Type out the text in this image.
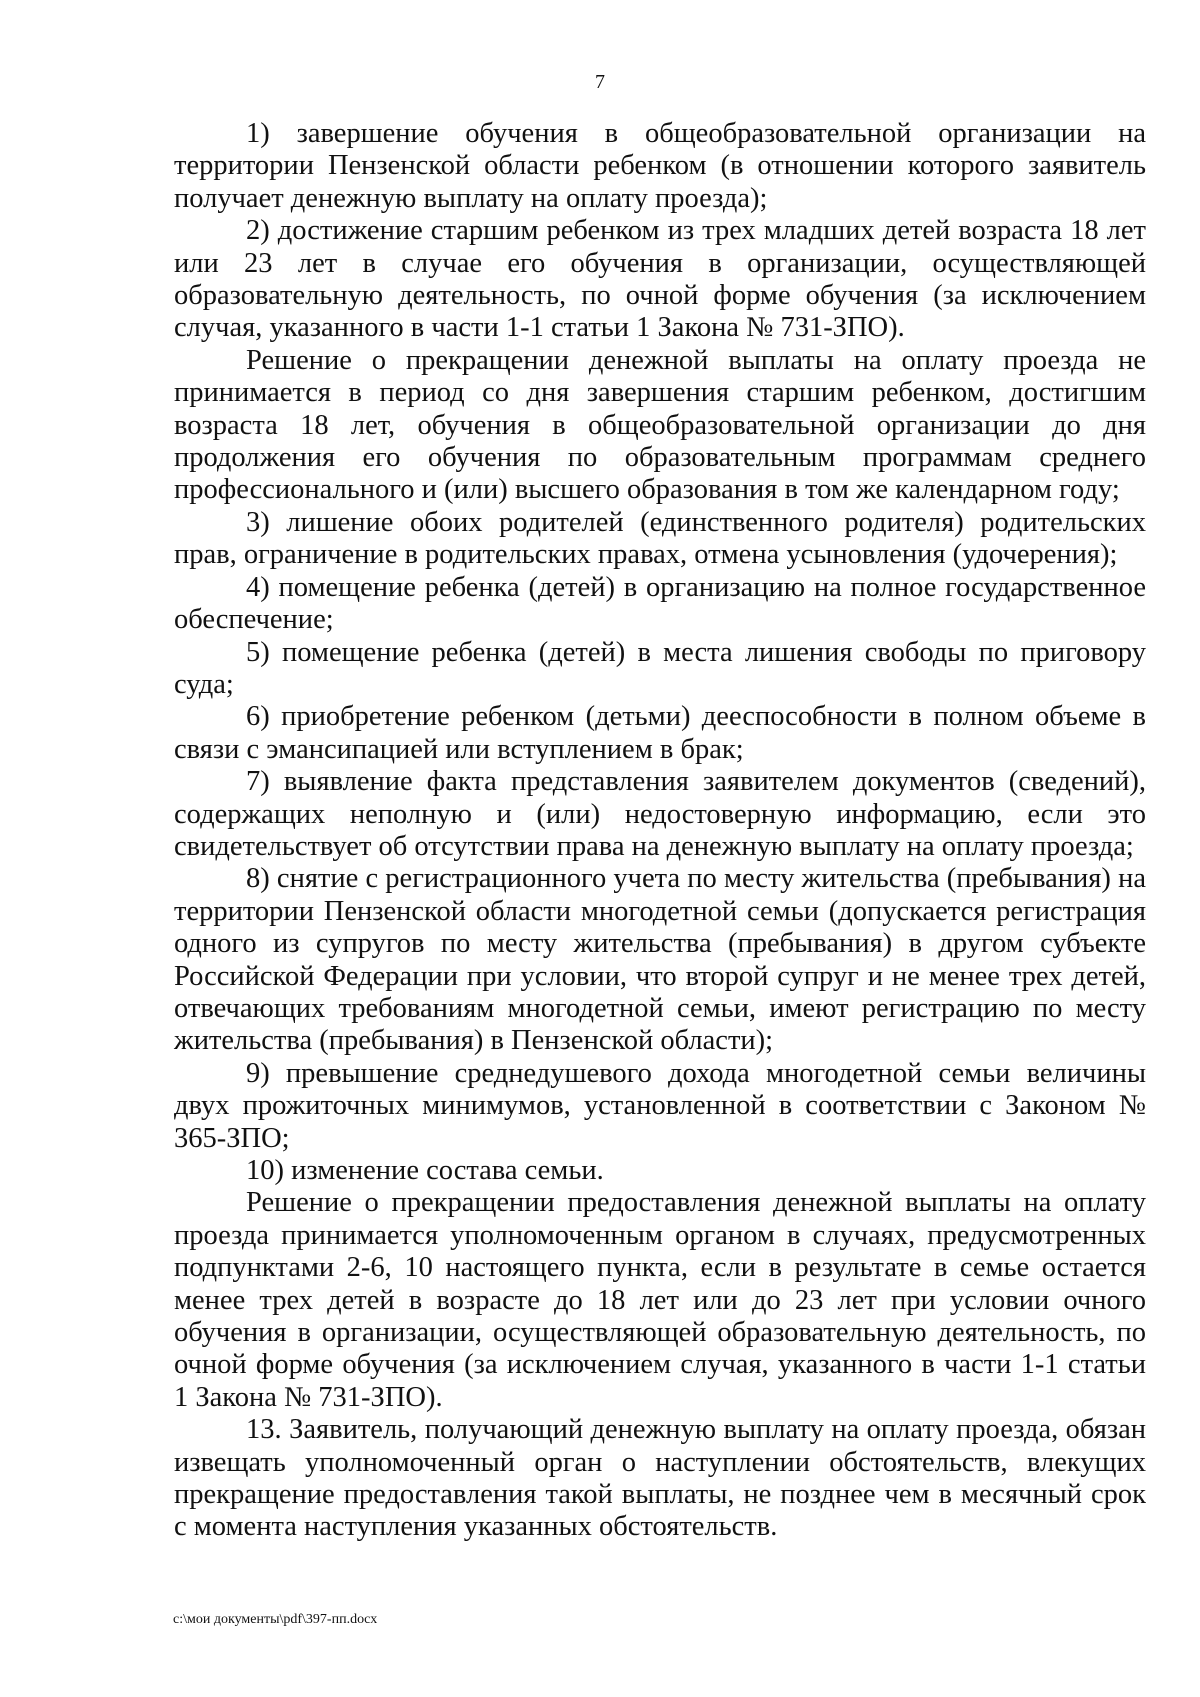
7

1) завершение обучения в общеобразовательной организации на территории Пензенской области ребенком (в отношении которого заявитель получает денежную выплату на оплату проезда);

2) достижение старшим ребенком из трех младших детей возраста 18 лет или 23 лет в случае его обучения в организации, осуществляющей образовательную деятельность, по очной форме обучения (за исключением случая, указанного в части 1-1 статьи 1 Закона № 731-ЗПО).

Решение о прекращении денежной выплаты на оплату проезда не принимается в период со дня завершения старшим ребенком, достигшим возраста 18 лет, обучения в общеобразовательной организации до дня продолжения его обучения по образовательным программам среднего профессионального и (или) высшего образования в том же календарном году;

3) лишение обоих родителей (единственного родителя) родительских прав, ограничение в родительских правах, отмена усыновления (удочерения);

4) помещение ребенка (детей) в организацию на полное государственное обеспечение;

5) помещение ребенка (детей) в места лишения свободы по приговору суда;

6) приобретение ребенком (детьми) дееспособности в полном объеме в связи с эмансипацией или вступлением в брак;

7) выявление факта представления заявителем документов (сведений), содержащих неполную и (или) недостоверную информацию, если это свидетельствует об отсутствии права на денежную выплату на оплату проезда;

8) снятие с регистрационного учета по месту жительства (пребывания) на территории Пензенской области многодетной семьи (допускается регистрация одного из супругов по месту жительства (пребывания) в другом субъекте Российской Федерации при условии, что второй супруг и не менее трех детей, отвечающих требованиям многодетной семьи, имеют регистрацию по месту жительства (пребывания) в Пензенской области);

9) превышение среднедушевого дохода многодетной семьи величины двух прожиточных минимумов, установленной в соответствии с Законом № 365-ЗПО;

10) изменение состава семьи.

Решение о прекращении предоставления денежной выплаты на оплату проезда принимается уполномоченным органом в случаях, предусмотренных подпунктами 2-6, 10 настоящего пункта, если в результате в семье остается менее трех детей в возрасте до 18 лет или до 23 лет при условии очного обучения в организации, осуществляющей образовательную деятельность, по очной форме обучения (за исключением случая, указанного в части 1-1 статьи 1 Закона № 731-ЗПО).

13. Заявитель, получающий денежную выплату на оплату проезда, обязан извещать уполномоченный орган о наступлении обстоятельств, влекущих прекращение предоставления такой выплаты, не позднее чем в месячный срок с момента наступления указанных обстоятельств.

c:\мои документы\pdf\397-пп.docx
